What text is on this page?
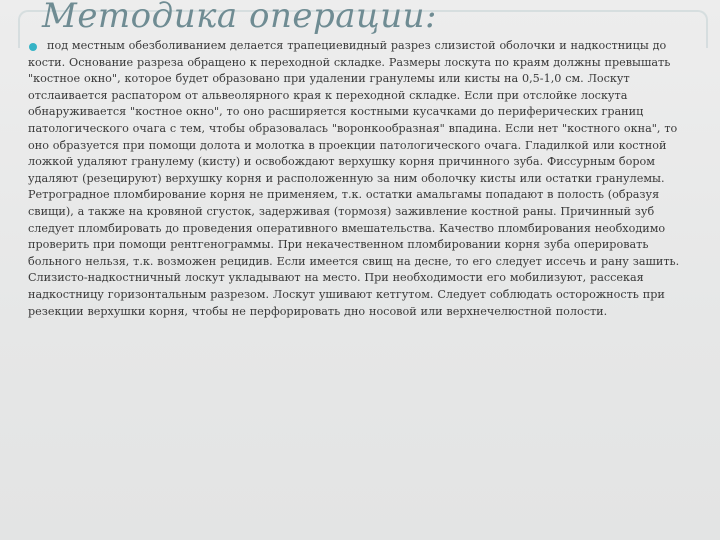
Методика операции:

под местным обезболиванием делается трапециевидный разрез слизистой оболочки и надкостницы до кости. Основание разреза обращено к переходной складке. Размеры лоскута по краям должны превышать "костное окно", которое будет образовано при удалении гранулемы или кисты на 0,5-1,0 см. Лоскут отслаивается распатором от альвеолярного края к переходной складке. Если при отслойке лоскута обнаруживается "костное окно", то оно расширяется костными кусачками до периферических границ патологического очага с тем, чтобы образовалась "воронкообразная" впадина. Если нет "костного окна", то оно образуется при помощи долота и молотка в проекции патологического очага. Гладилкой или костной ложкой удаляют гранулему (кисту) и освобождают верхушку корня причинного зуба. Фиссурным бором удаляют (резецируют) верхушку корня и расположенную за ним оболочку кисты или остатки гранулемы. Ретроградное пломбирование корня не применяем, т.к. остатки амальгамы попадают в полость (образуя свищи), а также на кровяной сгусток, задерживая (тормозя) заживление костной раны. Причинный зуб следует пломбировать до проведения оперативного вмешательства. Качество пломбирования необходимо проверить при помощи рентгенограммы. При некачественном пломбировании корня зуба оперировать больного нельзя, т.к. возможен рецидив. Если имеется свищ на десне, то его следует иссечь и рану зашить. Слизисто-надкостничный лоскут укладывают на место. При необходимости его мобилизуют, рассекая надкостницу горизонтальным разрезом. Лоскут ушивают кетгутом. Следует соблюдать осторожность при резекции верхушки корня, чтобы не перфорировать дно носовой или верхнечелюстной полости.
